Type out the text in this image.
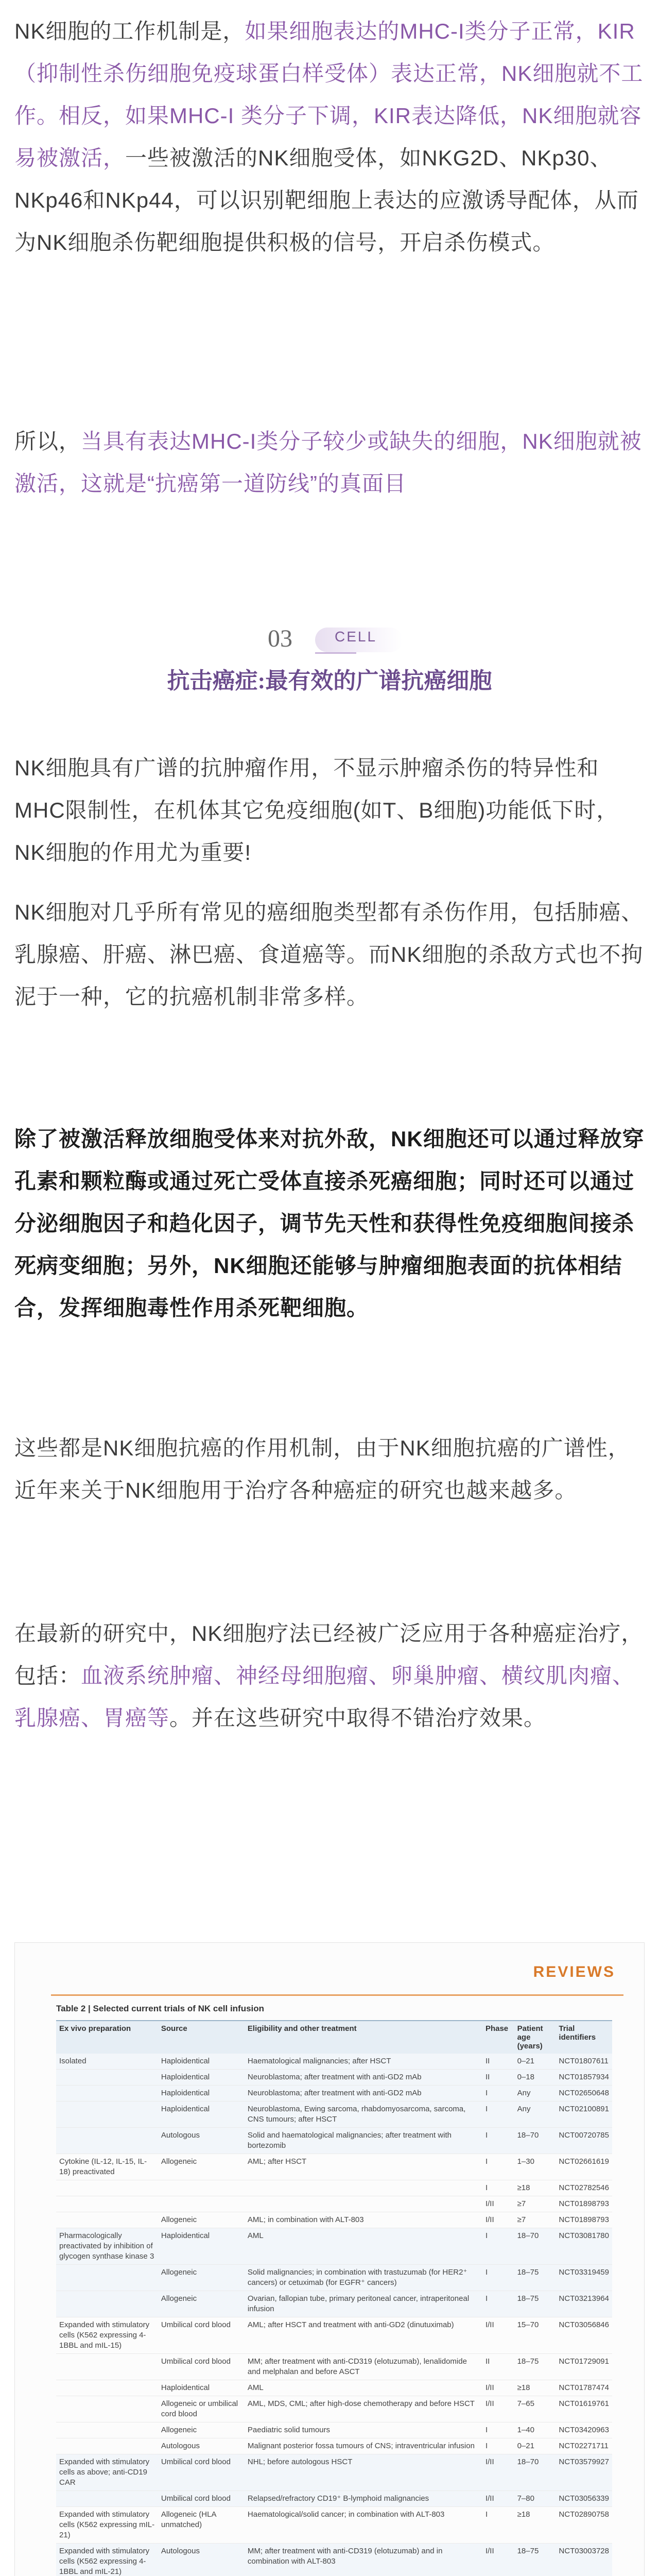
NK细胞的工作机制是，如果细胞表达的MHC-I类分子正常，KIR（抑制性杀伤细胞免疫球蛋白样受体）表达正常，NK细胞就不工作。相反，如果MHC-I 类分子下调，KIR表达降低，NK细胞就容易被激活，一些被激活的NK细胞受体，如NKG2D、NKp30、NKp46和NKp44，可以识别靶细胞上表达的应激诱导配体，从而为NK细胞杀伤靶细胞提供积极的信号，开启杀伤模式。
所以，当具有表达MHC-I类分子较少或缺失的细胞，NK细胞就被激活，这就是“抗癌第一道防线”的真面目
03	CELL
抗击癌症:最有效的广谱抗癌细胞
NK细胞具有广谱的抗肿瘤作用，不显示肿瘤杀伤的特异性和MHC限制性，在机体其它免疫细胞(如T、B细胞)功能低下时，NK细胞的作用尤为重要!
NK细胞对几乎所有常见的癌细胞类型都有杀伤作用，包括肺癌、乳腺癌、肝癌、淋巴癌、食道癌等。而NK细胞的杀敌方式也不拘泥于一种，它的抗癌机制非常多样。
除了被激活释放细胞受体来对抗外敌，NK细胞还可以通过释放穿孔素和颗粒酶或通过死亡受体直接杀死癌细胞；同时还可以通过分泌细胞因子和趋化因子，调节先天性和获得性免疫细胞间接杀死病变细胞；另外，NK细胞还能够与肿瘤细胞表面的抗体相结合，发挥细胞毒性作用杀死靶细胞。
这些都是NK细胞抗癌的作用机制，由于NK细胞抗癌的广谱性，近年来关于NK细胞用于治疗各种癌症的研究也越来越多。
在最新的研究中，NK细胞疗法已经被广泛应用于各种癌症治疗，包括：血液系统肿瘤、神经母细胞瘤、卵巢肿瘤、横纹肌肉瘤、乳腺癌、胃癌等。并在这些研究中取得不错治疗效果。
REVIEWS
Table 2 | Selected current trials of NK cell infusion
Ex vivo preparation	Source	Eligibility and other treatment	Phase	Patient age (years)	Trial identifiers
Isolated	Haploidentical	Haematological malignancies; after HSCT	II	0–21	NCT01807611
	Haploidentical	Neuroblastoma; after treatment with anti-GD2 mAb	II	0–18	NCT01857934
	Haploidentical	Neuroblastoma; after treatment with anti-GD2 mAb	I	Any	NCT02650648
	Haploidentical	Neuroblastoma, Ewing sarcoma, rhabdomyosarcoma, sarcoma, CNS tumours; after HSCT	I	Any	NCT02100891
	Autologous	Solid and haematological malignancies; after treatment with bortezomib	I	18–70	NCT00720785
Cytokine (IL-12, IL-15, IL-18) preactivated	Allogeneic	AML; after HSCT	I	1–30	NCT02661619
			I	≥18	NCT02782546
			I/II	≥7	NCT01898793
	Allogeneic	AML; in combination with ALT-803	I/II	≥7	NCT01898793
Pharmacologically preactivated by inhibition of glycogen synthase kinase 3	Haploidentical	AML	I	18–70	NCT03081780
	Allogeneic	Solid malignancies; in combination with trastuzumab (for HER2⁺ cancers) or cetuximab (for EGFR⁺ cancers)	I	18–75	NCT03319459
	Allogeneic	Ovarian, fallopian tube, primary peritoneal cancer, intraperitoneal infusion	I	18–75	NCT03213964
Expanded with stimulatory cells (K562 expressing 4-1BBL and mIL-15)	Umbilical cord blood	AML; after HSCT and treatment with anti-GD2 (dinutuximab)	I/II	15–70	NCT03056846
	Umbilical cord blood	MM; after treatment with anti-CD319 (elotuzumab), lenalidomide and melphalan and before ASCT	II	18–75	NCT01729091
	Haploidentical	AML	I/II	≥18	NCT01787474
	Allogeneic or umbilical cord blood	AML, MDS, CML; after high-dose chemotherapy and before HSCT	I/II	7–65	NCT01619761
	Allogeneic	Paediatric solid tumours	I	1–40	NCT03420963
	Autologous	Malignant posterior fossa tumours of CNS; intraventricular infusion	I	0–21	NCT02271711
Expanded with stimulatory cells as above; anti-CD19 CAR	Umbilical cord blood	NHL; before autologous HSCT	I/II	18–70	NCT03579927
	Umbilical cord blood	Relapsed/refractory CD19⁺ B-lymphoid malignancies	I/II	7–80	NCT03056339
Expanded with stimulatory cells (K562 expressing mIL-21)	Allogeneic (HLA unmatched)	Haematological/solid cancer; in combination with ALT-803	I	≥18	NCT02890758
Expanded with stimulatory cells (K562 expressing 4-1BBL and mIL-21)	Autologous	MM; after treatment with anti-CD319 (elotuzumab) and in combination with ALT-803	I/II	18–75	NCT03003728
